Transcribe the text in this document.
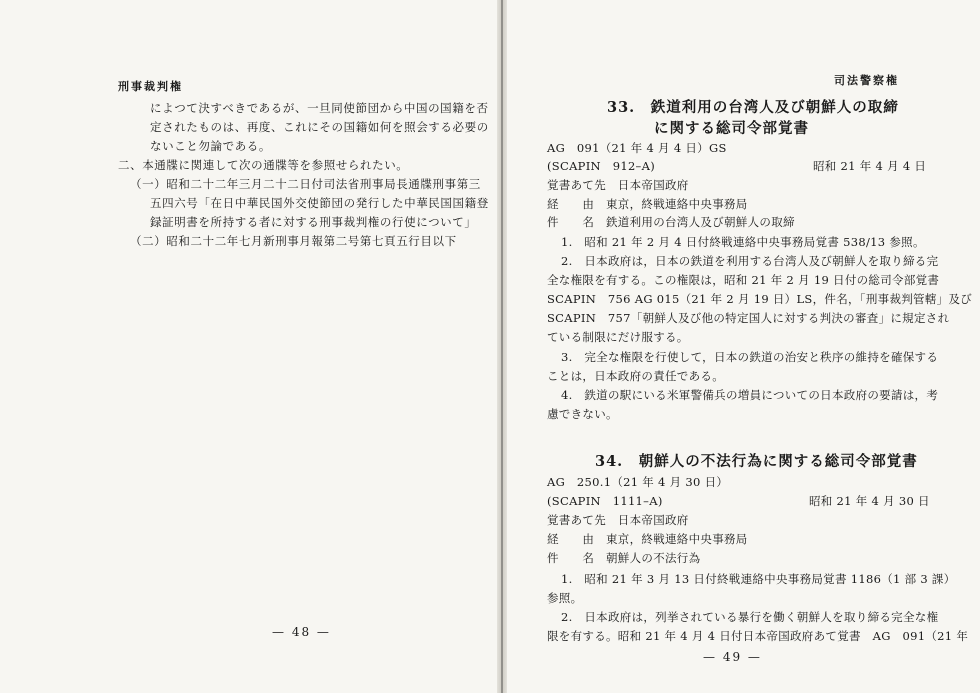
刑事裁判権
によつて決すべきであるが、一旦同使節団から中国の国籍を否
定されたものは、再度、これにその国籍如何を照会する必要の
ないこと勿論である。
二、本通牒に関連して次の通牒等を参照せられたい。
（一）昭和二十二年三月二十二日付司法省刑事局長通牒刑事第三
五四六号「在日中華民国外交使節団の発行した中華民国国籍登
録証明書を所持する者に対する刑事裁判権の行使について」
（二）昭和二十二年七月新刑事月報第二号第七頁五行目以下
— 48 —
司法警察権
33.　鉄道利用の台湾人及び朝鮮人の取締
に関する総司令部覚書
AG　091（21 年 4 月 4 日）GS
(SCAPIN　912–A)	昭和 21 年 4 月 4 日
覚書あて先　日本帝国政府
経　　由　東京，終戦連絡中央事務局
件　　名　鉄道利用の台湾人及び朝鮮人の取締
1.　昭和 21 年 2 月 4 日付終戦連絡中央事務局覚書 538/13 参照。
2.　日本政府は，日本の鉄道を利用する台湾人及び朝鮮人を取り締る完
全な権限を有する。この権限は，昭和 21 年 2 月 19 日付の総司令部覚書
SCAPIN　756 AG 015（21 年 2 月 19 日）LS，件名，「刑事裁判管轄」及び
SCAPIN　757「朝鮮人及び他の特定国人に対する判決の審査」に規定され
ている制限にだけ服する。
3.　完全な権限を行使して，日本の鉄道の治安と秩序の維持を確保する
ことは，日本政府の責任である。
4.　鉄道の駅にいる米軍警備兵の増員についての日本政府の要請は，考
慮できない。
34.　朝鮮人の不法行為に関する総司令部覚書
AG　250.1（21 年 4 月 30 日）
(SCAPIN　1111–A)	昭和 21 年 4 月 30 日
覚書あて先　日本帝国政府
経　　由　東京，終戦連絡中央事務局
件　　名　朝鮮人の不法行為
1.　昭和 21 年 3 月 13 日付終戦連絡中央事務局覚書 1186（1 部 3 課）
参照。
2.　日本政府は，列挙されている暴行を働く朝鮮人を取り締る完全な権
限を有する。昭和 21 年 4 月 4 日付日本帝国政府あて覚書　AG　091（21 年
— 49 —
